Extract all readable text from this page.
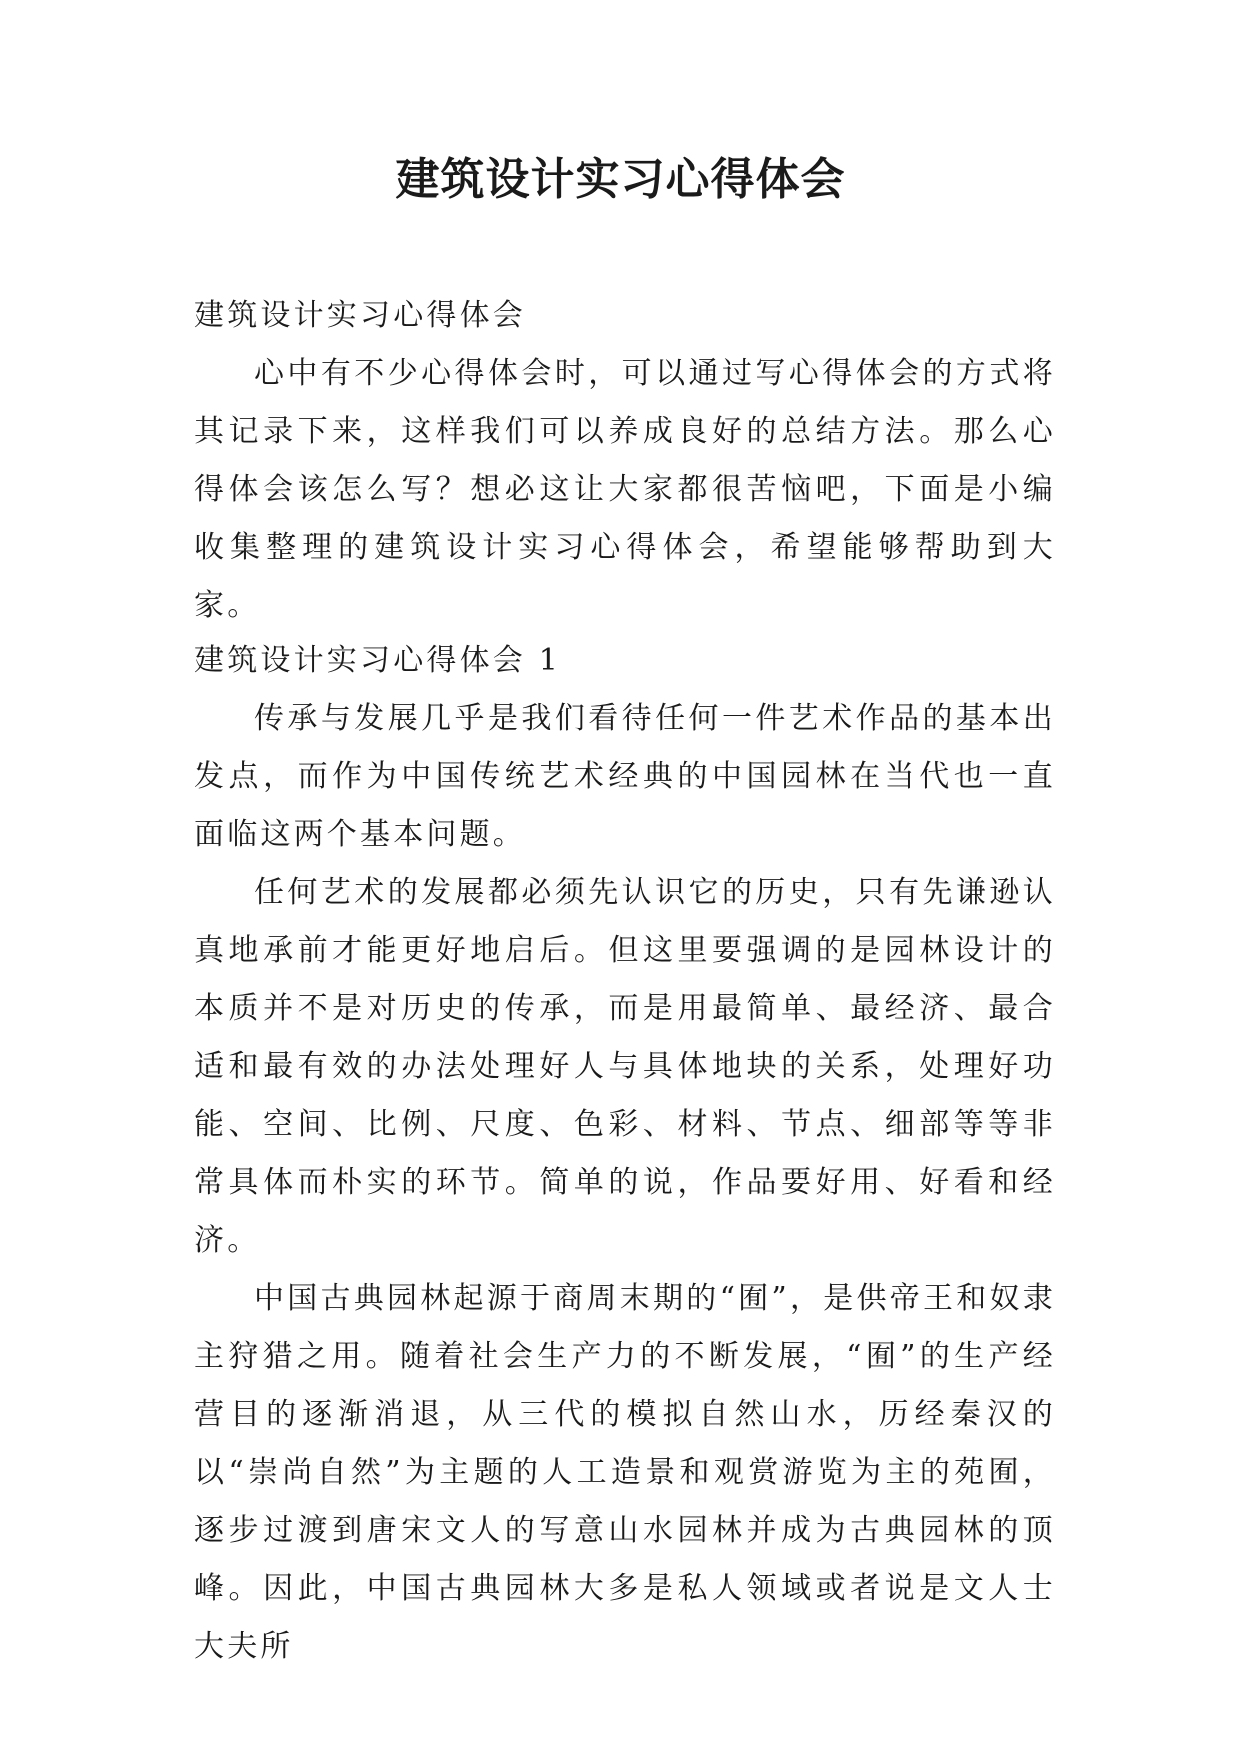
建筑设计实习心得体会

建筑设计实习心得体会

心中有不少心得体会时，可以通过写心得体会的方式将其记录下来，这样我们可以养成良好的总结方法。那么心得体会该怎么写？想必这让大家都很苦恼吧，下面是小编收集整理的建筑设计实习心得体会，希望能够帮助到大家。

建筑设计实习心得体会 1

传承与发展几乎是我们看待任何一件艺术作品的基本出发点，而作为中国传统艺术经典的中国园林在当代也一直面临这两个基本问题。

任何艺术的发展都必须先认识它的历史，只有先谦逊认真地承前才能更好地启后。但这里要强调的是园林设计的本质并不是对历史的传承，而是用最简单、最经济、最合适和最有效的办法处理好人与具体地块的关系，处理好功能、空间、比例、尺度、色彩、材料、节点、细部等等非常具体而朴实的环节。简单的说，作品要好用、好看和经济。

中国古典园林起源于商周末期的“囿”，是供帝王和奴隶主狩猎之用。随着社会生产力的不断发展，“囿”的生产经营目的逐渐消退，从三代的模拟自然山水，历经秦汉的以“崇尚自然”为主题的人工造景和观赏游览为主的苑囿，逐步过渡到唐宋文人的写意山水园林并成为古典园林的顶峰。因此，中国古典园林大多是私人领域或者说是文人士大夫所
